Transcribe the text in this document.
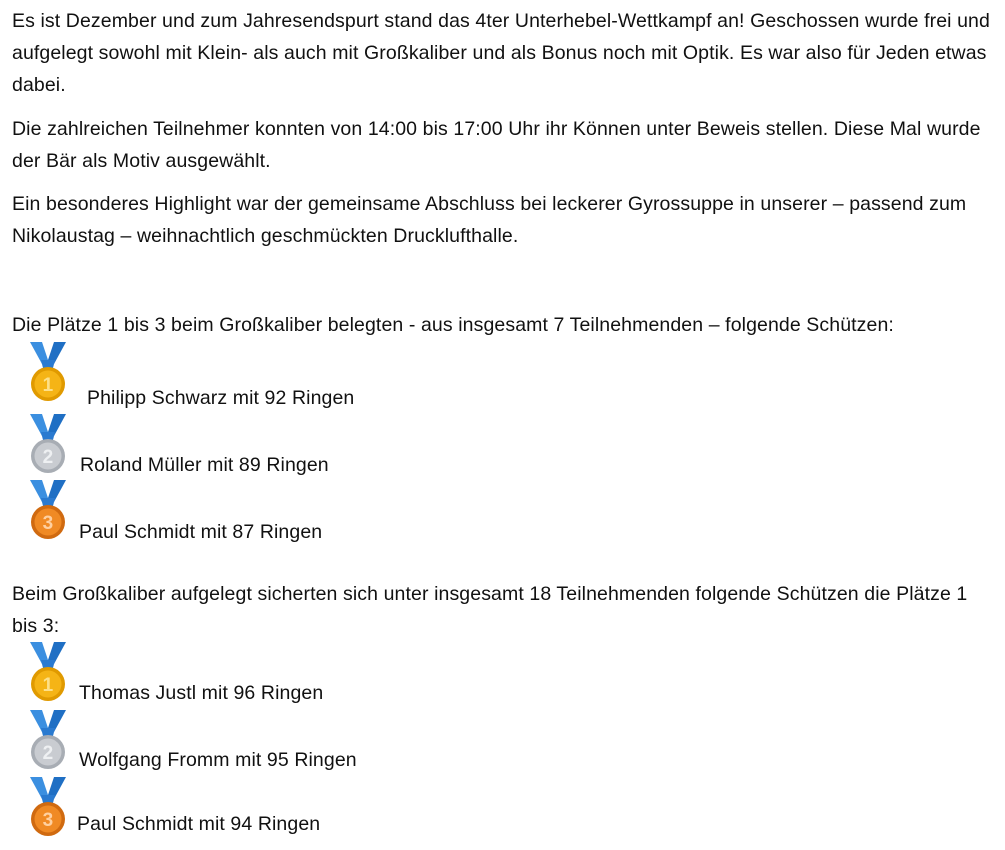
Es ist Dezember und zum Jahresendspurt stand das 4ter Unterhebel-Wettkampf an! Geschossen wurde frei und aufgelegt sowohl mit Klein- als auch mit Großkaliber und als Bonus noch mit Optik. Es war also für Jeden etwas dabei.

Die zahlreichen Teilnehmer konnten von 14:00 bis 17:00 Uhr ihr Können unter Beweis stellen. Diese Mal wurde der Bär als Motiv ausgewählt.

Ein besonderes Highlight war der gemeinsame Abschluss bei leckerer Gyrossuppe in unserer – passend zum Nikolaustag – weihnachtlich geschmückten Drucklufthalle.

Die Plätze 1 bis 3 beim Großkaliber belegten - aus insgesamt 7 Teilnehmenden – folgende Schützen:

1
Philipp Schwarz mit 92 Ringen
2 Roland Müller mit 89 Ringen
3 Paul Schmidt mit 87 Ringen

Beim Großkaliber aufgelegt sicherten sich unter insgesamt 18 Teilnehmenden folgende Schützen die Plätze 1 bis 3:

1 Thomas Justl mit 96 Ringen
2 Wolfgang Fromm mit 95 Ringen
3 Paul Schmidt mit 94 Ringen
